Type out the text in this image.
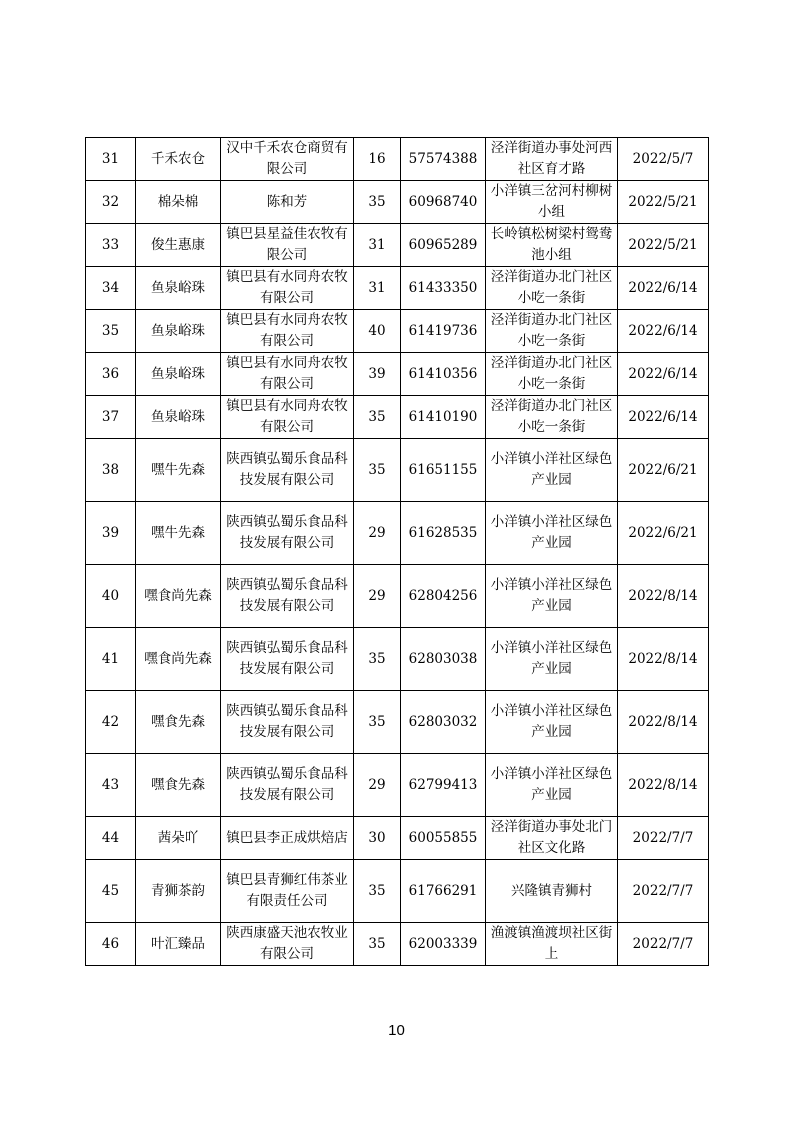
31	千禾农仓	汉中千禾农仓商贸有限公司	16	57574388	泾洋街道办事处河西社区育才路	2022/5/7
32	棉朵棉	陈和芳	35	60968740	小洋镇三岔河村柳树小组	2022/5/21
33	俊生惠康	镇巴县星益佳农牧有限公司	31	60965289	长岭镇松树梁村鸳鸯池小组	2022/5/21
34	鱼泉峪珠	镇巴县有水同舟农牧有限公司	31	61433350	泾洋街道办北门社区小吃一条街	2022/6/14
35	鱼泉峪珠	镇巴县有水同舟农牧有限公司	40	61419736	泾洋街道办北门社区小吃一条街	2022/6/14
36	鱼泉峪珠	镇巴县有水同舟农牧有限公司	39	61410356	泾洋街道办北门社区小吃一条街	2022/6/14
37	鱼泉峪珠	镇巴县有水同舟农牧有限公司	35	61410190	泾洋街道办北门社区小吃一条街	2022/6/14
38	嘿牛先森	陕西镇弘蜀乐食品科技发展有限公司	35	61651155	小洋镇小洋社区绿色产业园	2022/6/21
39	嘿牛先森	陕西镇弘蜀乐食品科技发展有限公司	29	61628535	小洋镇小洋社区绿色产业园	2022/6/21
40	嘿食尚先森	陕西镇弘蜀乐食品科技发展有限公司	29	62804256	小洋镇小洋社区绿色产业园	2022/8/14
41	嘿食尚先森	陕西镇弘蜀乐食品科技发展有限公司	35	62803038	小洋镇小洋社区绿色产业园	2022/8/14
42	嘿食先森	陕西镇弘蜀乐食品科技发展有限公司	35	62803032	小洋镇小洋社区绿色产业园	2022/8/14
43	嘿食先森	陕西镇弘蜀乐食品科技发展有限公司	29	62799413	小洋镇小洋社区绿色产业园	2022/8/14
44	茜朵吖	镇巴县李正成烘焙店	30	60055855	泾洋街道办事处北门社区文化路	2022/7/7
45	青狮茶韵	镇巴县青狮红伟茶业有限责任公司	35	61766291	兴隆镇青狮村	2022/7/7
46	叶汇臻品	陕西康盛天池农牧业有限公司	35	62003339	渔渡镇渔渡坝社区街上	2022/7/7
10
